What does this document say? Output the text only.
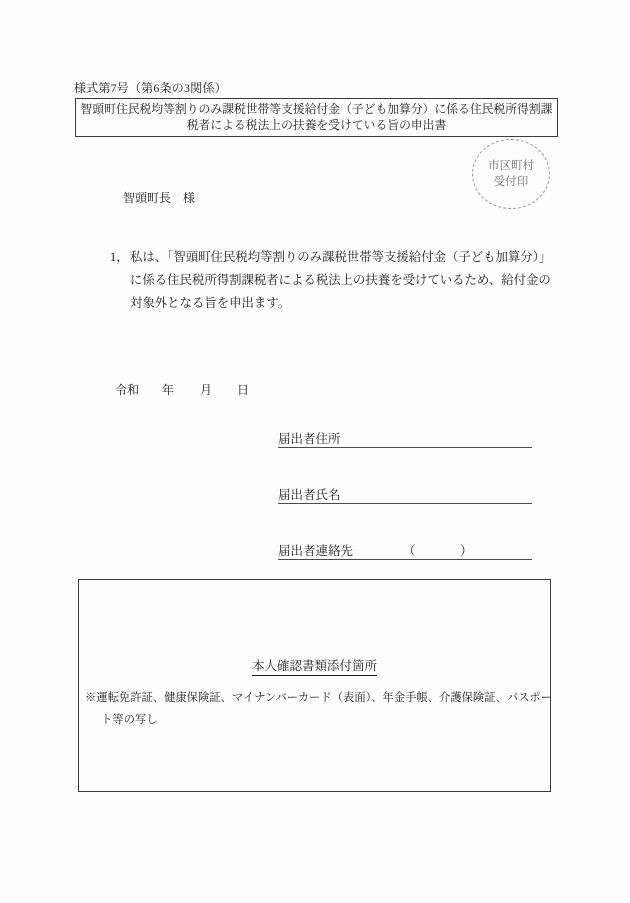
様式第7号（第6条の3関係）
智頭町住民税均等割りのみ課税世帯等支援給付金（子ども加算分）に係る住民税所得割課
税者による税法上の扶養を受けている旨の申出書
市区町村
受付印
智頭町長　様
1， 私は、「智頭町住民税均等割りのみ課税世帯等支援給付金（子ども加算分）」
に係る住民税所得割課税者による税法上の扶養を受けているため、給付金の
対象外となる旨を申出ます。
令和 年 月 日
届出者住所
届出者氏名
届出者連絡先	（	）
本人確認書類添付箇所
※運転免許証、健康保険証、マイナンバーカード（表面）、年金手帳、介護保険証、パスポー
ト等の写し
